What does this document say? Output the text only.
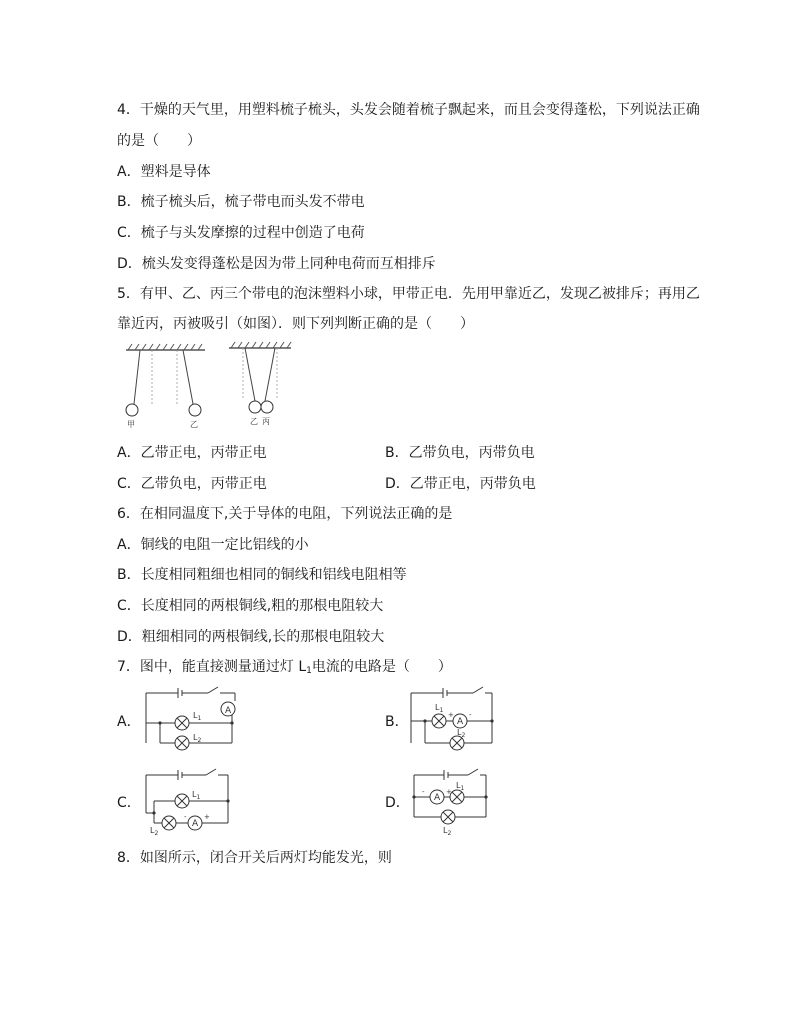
4．干燥的天气里，用塑料梳子梳头，头发会随着梳子飘起来，而且会变得蓬松，下列说法正确
的是（　　）
A．塑料是导体
B．梳子梳头后，梳子带电而头发不带电
C．梳子与头发摩擦的过程中创造了电荷
D．梳头发变得蓬松是因为带上同种电荷而互相排斥
5．有甲、乙、丙三个带电的泡沫塑料小球，甲带正电．先用甲靠近乙，发现乙被排斥；再用乙
靠近丙，丙被吸引（如图）．则下列判断正确的是（　　）
甲	乙	乙 丙
A．乙带正电，丙带正电	B．乙带负电，丙带负电
C．乙带负电，丙带正电	D．乙带正电，丙带负电
6．在相同温度下,关于导体的电阻，下列说法正确的是
A．铜线的电阻一定比铝线的小
B．长度相同粗细也相同的铜线和铝线电阻相等
C．长度相同的两根铜线,粗的那根电阻较大
D．粗细相同的两根铜线,长的那根电阻较大
7．图中，能直接测量通过灯 $L_1$电流的电路是（　　）
A．	B．
C．	D．
A
$L_1$
$L_2$
A
+ -
$L_1$
$L_2$
A
- +
$L_1$
$L_2$
A
-	+
$L_1$
$L_2$
8．如图所示，闭合开关后两灯均能发光，则
